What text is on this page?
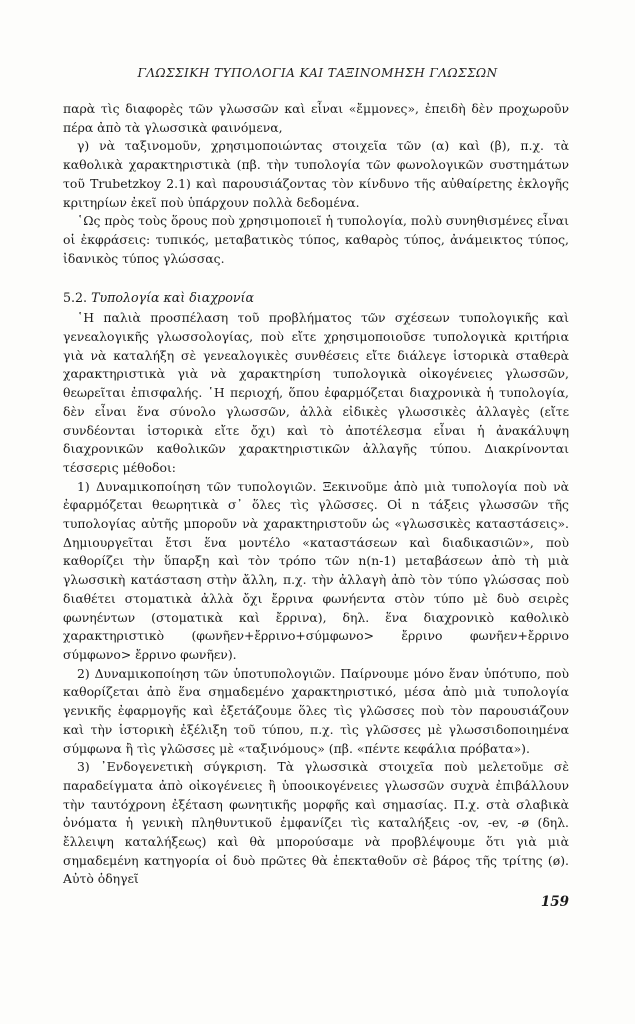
ΓΛΩΣΣΙΚΗ ΤΥΠΟΛΟΓΙΑ ΚΑΙ ΤΑΞΙΝΟΜΗΣΗ ΓΛΩΣΣΩΝ

παρὰ τὶς διαφορὲς τῶν γλωσσῶν καὶ εἶναι «ἔμμονες», ἐπειδὴ δὲν προχωροῦν πέρα ἀπὸ τὰ γλωσσικὰ φαινόμενα,

γ) νὰ ταξινομοῦν, χρησιμοποιώντας στοιχεῖα τῶν (α) καὶ (β), π.χ. τὰ καθολικὰ χαρακτηριστικὰ (πβ. τὴν τυπολογία τῶν φωνολογικῶν συστημάτων τοῦ Trubetzkoy 2.1) καὶ παρουσιάζοντας τὸν κίνδυνο τῆς αὐθαίρετης ἐκλογῆς κριτηρίων ἐκεῖ ποὺ ὑπάρχουν πολλὰ δεδομένα.

῾Ως πρὸς τοὺς ὅρους ποὺ χρησιμοποιεῖ ἡ τυπολογία, πολὺ συνηθισμένες εἶναι οἱ ἐκφράσεις: τυπικός, μεταβατικὸς τύπος, καθαρὸς τύπος, ἀνάμεικτος τύπος, ἰδανικὸς τύπος γλώσσας.

5.2. Τυπολογία καὶ διαχρονία

῾Η παλιὰ προσπέλαση τοῦ προβλήματος τῶν σχέσεων τυπολογικῆς καὶ γενεαλογικῆς γλωσσολογίας, ποὺ εἴτε χρησιμοποιοῦσε τυπολογικὰ κριτήρια γιὰ νὰ καταλήξη σὲ γενεαλογικὲς συνθέσεις εἴτε διάλεγε ἱστορικὰ σταθερὰ χαρακτηριστικὰ γιὰ νὰ χαρακτηρίση τυπολογικὰ οἰκογένειες γλωσσῶν, θεωρεῖται ἐπισφαλής. ῾Η περιοχή, ὅπου ἐφαρμόζεται διαχρονικὰ ἡ τυπολογία, δὲν εἶναι ἕνα σύνολο γλωσσῶν, ἀλλὰ εἰδικὲς γλωσσικὲς ἀλλαγὲς (εἴτε συνδέονται ἱστορικὰ εἴτε ὄχι) καὶ τὸ ἀποτέλεσμα εἶναι ἡ ἀνακάλυψη διαχρονικῶν καθολικῶν χαρακτηριστικῶν ἀλλαγῆς τύπου. Διακρίνονται τέσσερις μέθοδοι:

1) Δυναμικοποίηση τῶν τυπολογιῶν. Ξεκινοῦμε ἀπὸ μιὰ τυπολογία ποὺ νὰ ἐφαρμόζεται θεωρητικὰ σ᾿ ὅλες τὶς γλῶσσες. Οἱ n τάξεις γλωσσῶν τῆς τυπολογίας αὐτῆς μποροῦν νὰ χαρακτηριστοῦν ὡς «γλωσσικὲς καταστάσεις». Δημιουργεῖται ἔτσι ἕνα μοντέλο «καταστάσεων καὶ διαδικασιῶν», ποὺ καθορίζει τὴν ὕπαρξη καὶ τὸν τρόπο τῶν n(n-1) μεταβάσεων ἀπὸ τὴ μιὰ γλωσσικὴ κατάσταση στὴν ἄλλη, π.χ. τὴν ἀλλαγὴ ἀπὸ τὸν τύπο γλώσσας ποὺ διαθέτει στοματικὰ ἀλλὰ ὄχι ἔρρινα φωνήεντα στὸν τύπο μὲ δυὸ σειρὲς φωνηέντων (στοματικὰ καὶ ἔρρινα), δηλ. ἕνα διαχρονικὸ καθολικὸ χαρακτηριστικὸ (φωνῆεν+ἔρρινο+σύμφωνο> ἔρρινο φωνῆεν+ἔρρινο σύμφωνο> ἔρρινο φωνῆεν).

2) Δυναμικοποίηση τῶν ὑποτυπολογιῶν. Παίρνουμε μόνο ἕναν ὑπότυπο, ποὺ καθορίζεται ἀπὸ ἕνα σημαδεμένο χαρακτηριστικό, μέσα ἀπὸ μιὰ τυπολογία γενικῆς ἐφαρμογῆς καὶ ἐξετάζουμε ὅλες τὶς γλῶσσες ποὺ τὸν παρουσιάζουν καὶ τὴν ἱστορικὴ ἐξέλιξη τοῦ τύπου, π.χ. τὶς γλῶσσες μὲ γλωσσιδοποιημένα σύμφωνα ἢ τὶς γλῶσσες μὲ «ταξινόμους» (πβ. «πέντε κεφάλια πρόβατα»).

3) ᾿Ενδογενετικὴ σύγκριση. Τὰ γλωσσικὰ στοιχεῖα ποὺ μελετοῦμε σὲ παραδείγματα ἀπὸ οἰκογένειες ἢ ὑποοικογένειες γλωσσῶν συχνὰ ἐπιβάλλουν τὴν ταυτόχρονη ἐξέταση φωνητικῆς μορφῆς καὶ σημασίας. Π.χ. στὰ σλαβικὰ ὀνόματα ἡ γενικὴ πληθυντικοῦ ἐμφανίζει τὶς καταλήξεις -ov, -ev, -ø (δηλ. ἔλλειψη καταλήξεως) καὶ θὰ μπορούσαμε νὰ προβλέψουμε ὅτι γιὰ μιὰ σημαδεμένη κατηγορία οἱ δυὸ πρῶτες θὰ ἐπεκταθοῦν σὲ βάρος τῆς τρίτης (ø). Αὐτὸ ὁδηγεῖ

159
